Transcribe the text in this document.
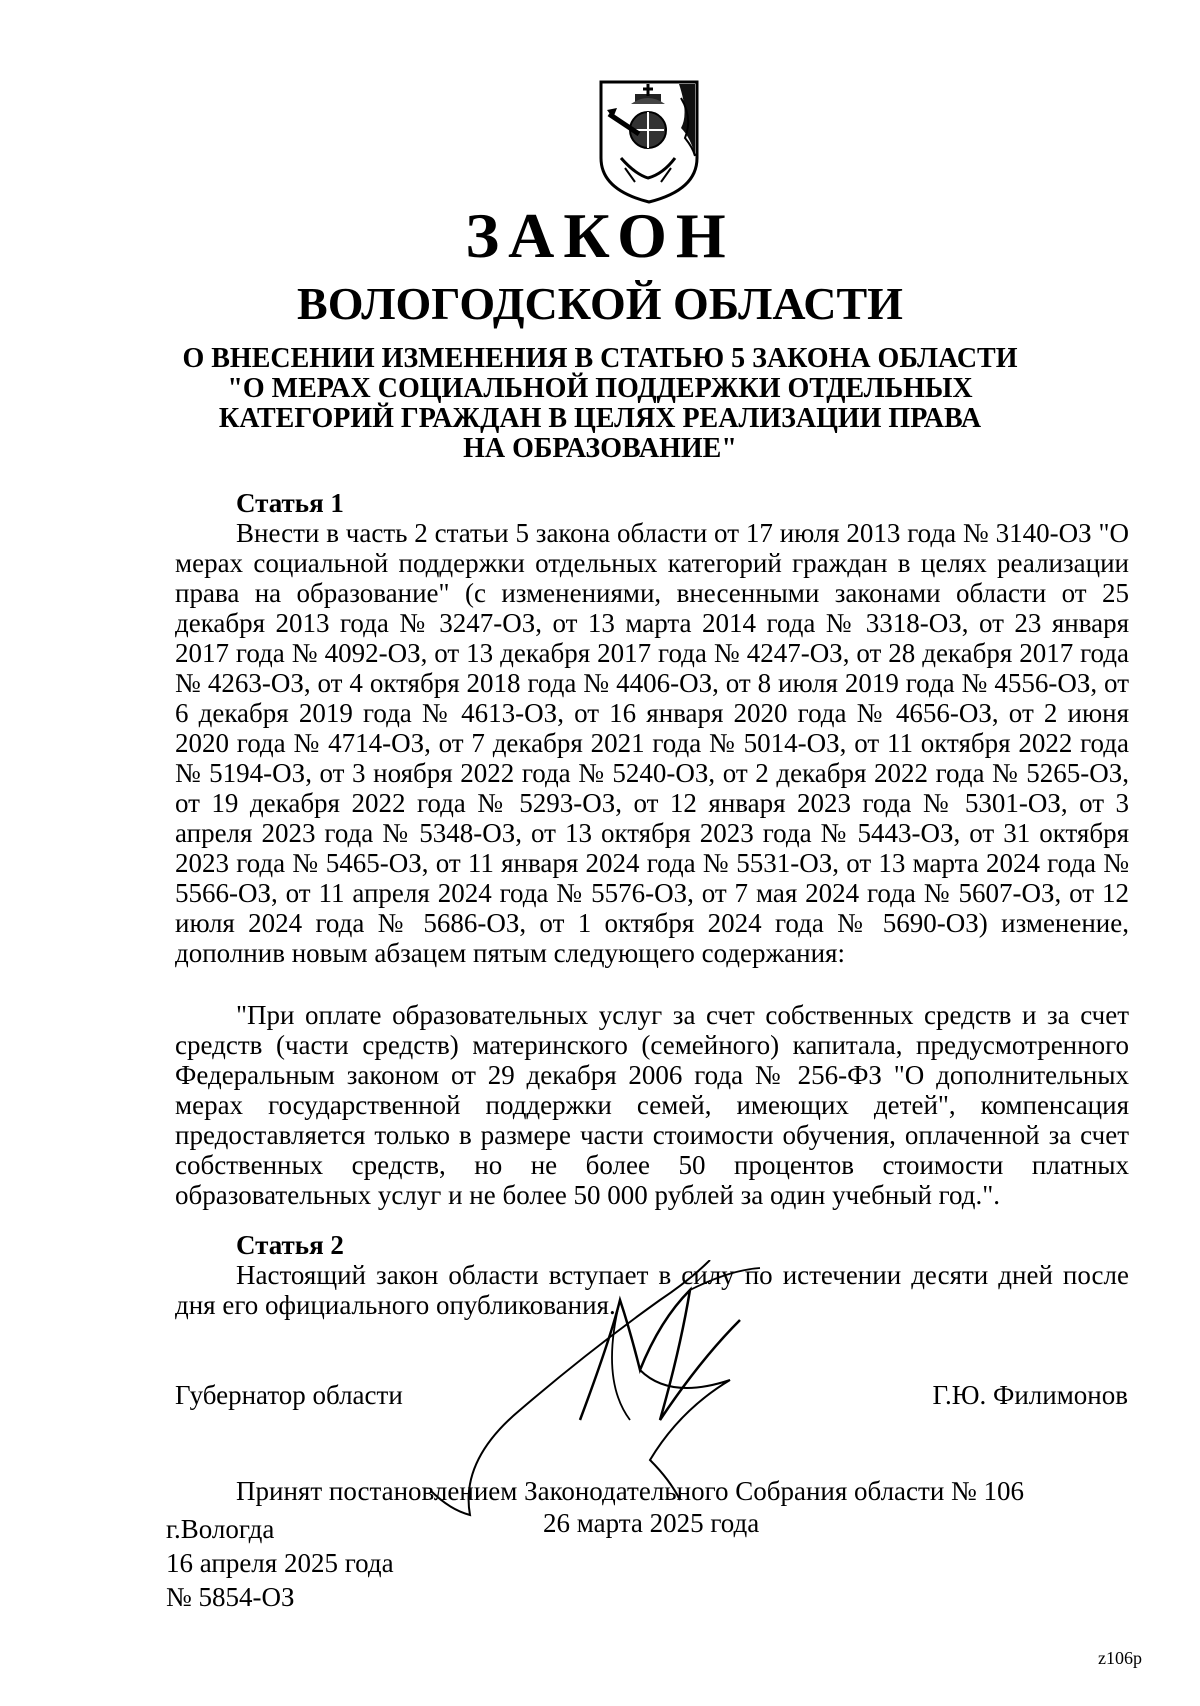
ЗАКОН
ВОЛОГОДСКОЙ ОБЛАСТИ
О ВНЕСЕНИИ ИЗМЕНЕНИЯ В СТАТЬЮ 5 ЗАКОНА ОБЛАСТИ
"О МЕРАХ СОЦИАЛЬНОЙ ПОДДЕРЖКИ ОТДЕЛЬНЫХ
КАТЕГОРИЙ ГРАЖДАН В ЦЕЛЯХ РЕАЛИЗАЦИИ ПРАВА
НА ОБРАЗОВАНИЕ"
Статья 1
Внести в часть 2 статьи 5 закона области от 17 июля 2013 года № 3140-ОЗ "О мерах социальной поддержки отдельных категорий граждан в целях реализации права на образование" (с изменениями, внесенными законами области от 25 декабря 2013 года № 3247-ОЗ, от 13 марта 2014 года № 3318-ОЗ, от 23 января 2017 года № 4092-ОЗ, от 13 декабря 2017 года № 4247-ОЗ, от 28 декабря 2017 года № 4263-ОЗ, от 4 октября 2018 года № 4406-ОЗ, от 8 июля 2019 года № 4556-ОЗ, от 6 декабря 2019 года № 4613-ОЗ, от 16 января 2020 года № 4656-ОЗ, от 2 июня 2020 года № 4714-ОЗ, от 7 декабря 2021 года № 5014-ОЗ, от 11 октября 2022 года № 5194-ОЗ, от 3 ноября 2022 года № 5240-ОЗ, от 2 декабря 2022 года № 5265-ОЗ, от 19 декабря 2022 года № 5293-ОЗ, от 12 января 2023 года № 5301-ОЗ, от 3 апреля 2023 года № 5348-ОЗ, от 13 октября 2023 года № 5443-ОЗ, от 31 октября 2023 года № 5465-ОЗ, от 11 января 2024 года № 5531-ОЗ, от 13 марта 2024 года № 5566-ОЗ, от 11 апреля 2024 года № 5576-ОЗ, от 7 мая 2024 года № 5607-ОЗ, от 12 июля 2024 года № 5686-ОЗ, от 1 октября 2024 года № 5690-ОЗ) изменение, дополнив новым абзацем пятым следующего содержания:
"При оплате образовательных услуг за счет собственных средств и за счет средств (части средств) материнского (семейного) капитала, предусмотренного Федеральным законом от 29 декабря 2006 года № 256-ФЗ "О дополнительных мерах государственной поддержки семей, имеющих детей", компенсация предоставляется только в размере части стоимости обучения, оплаченной за счет собственных средств, но не более 50 процентов стоимости платных образовательных услуг и не более 50 000 рублей за один учебный год.".
Статья 2
Настоящий закон области вступает в силу по истечении десяти дней после дня его официального опубликования.
Губернатор области	Г.Ю. Филимонов
Принят постановлением Законодательного Собрания области № 106
26 марта 2025 года
г.Вологда
16 апреля 2025 года
№ 5854-ОЗ
z106р
